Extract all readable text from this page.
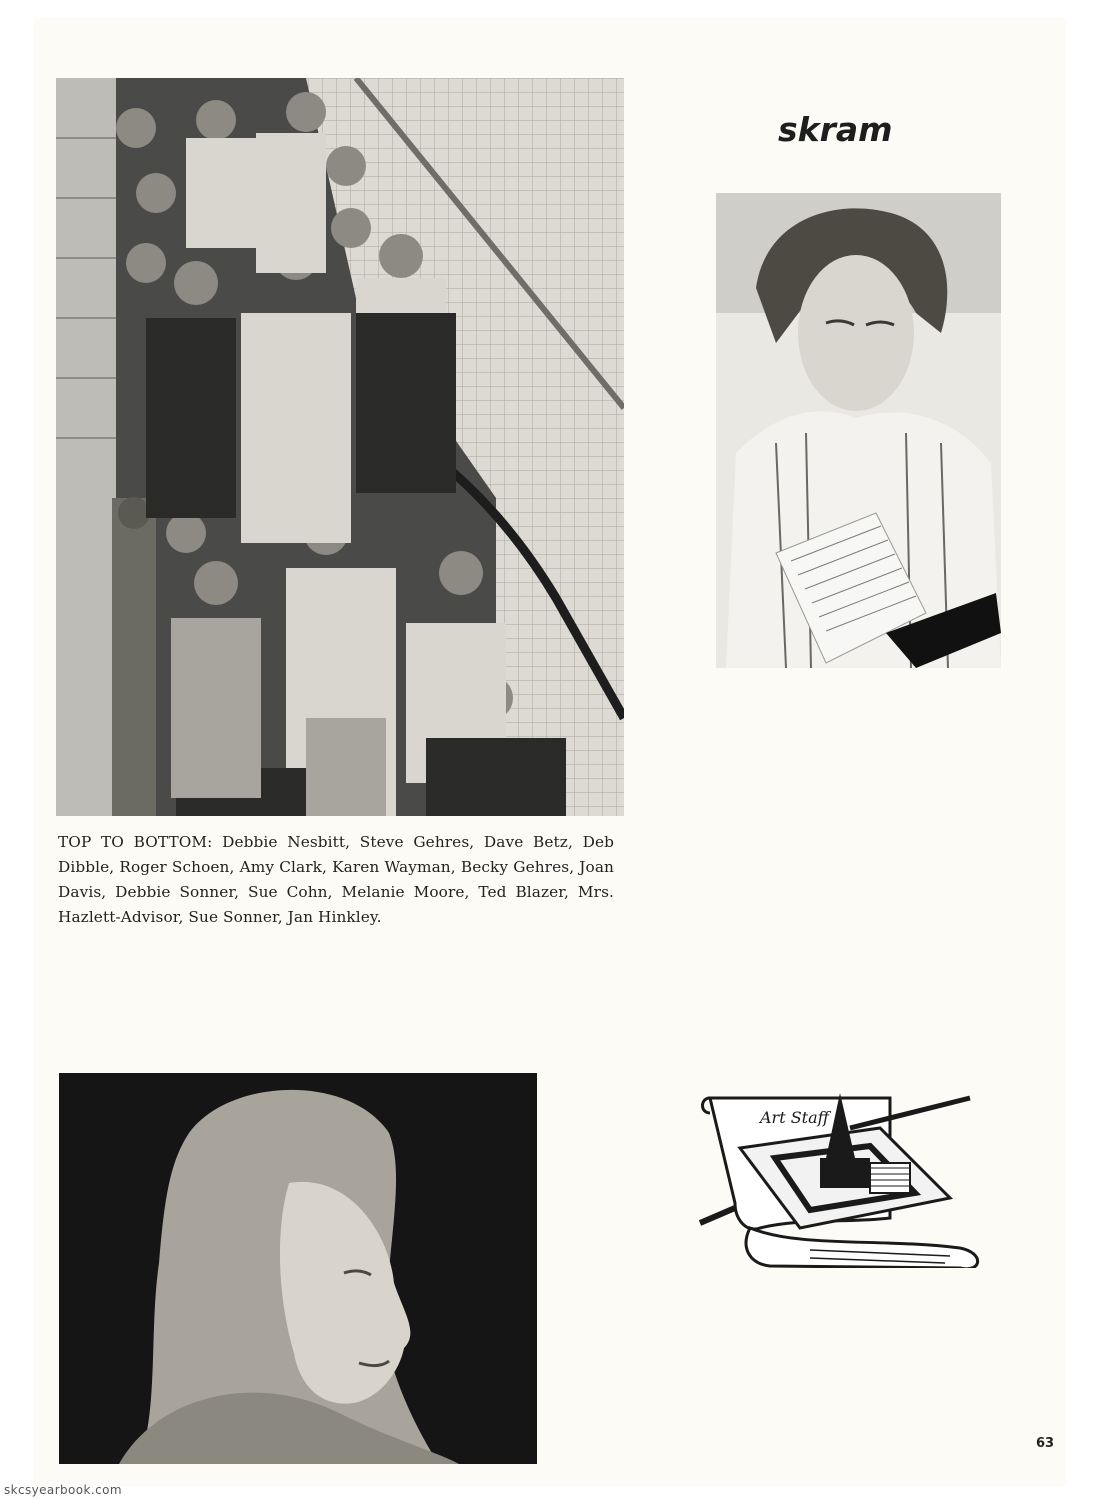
TOP TO BOTTOM: Debbie Nesbitt, Steve Gehres, Dave Betz, Deb Dibble, Roger Schoen, Amy Clark, Karen Wayman, Becky Gehres, Joan Davis, Debbie Sonner, Sue Cohn, Melanie Moore, Ted Blazer, Mrs. Hazlett-Advisor, Sue Sonner, Jan Hinkley.
skram
Art Staff
63
skcsyearbook.com
